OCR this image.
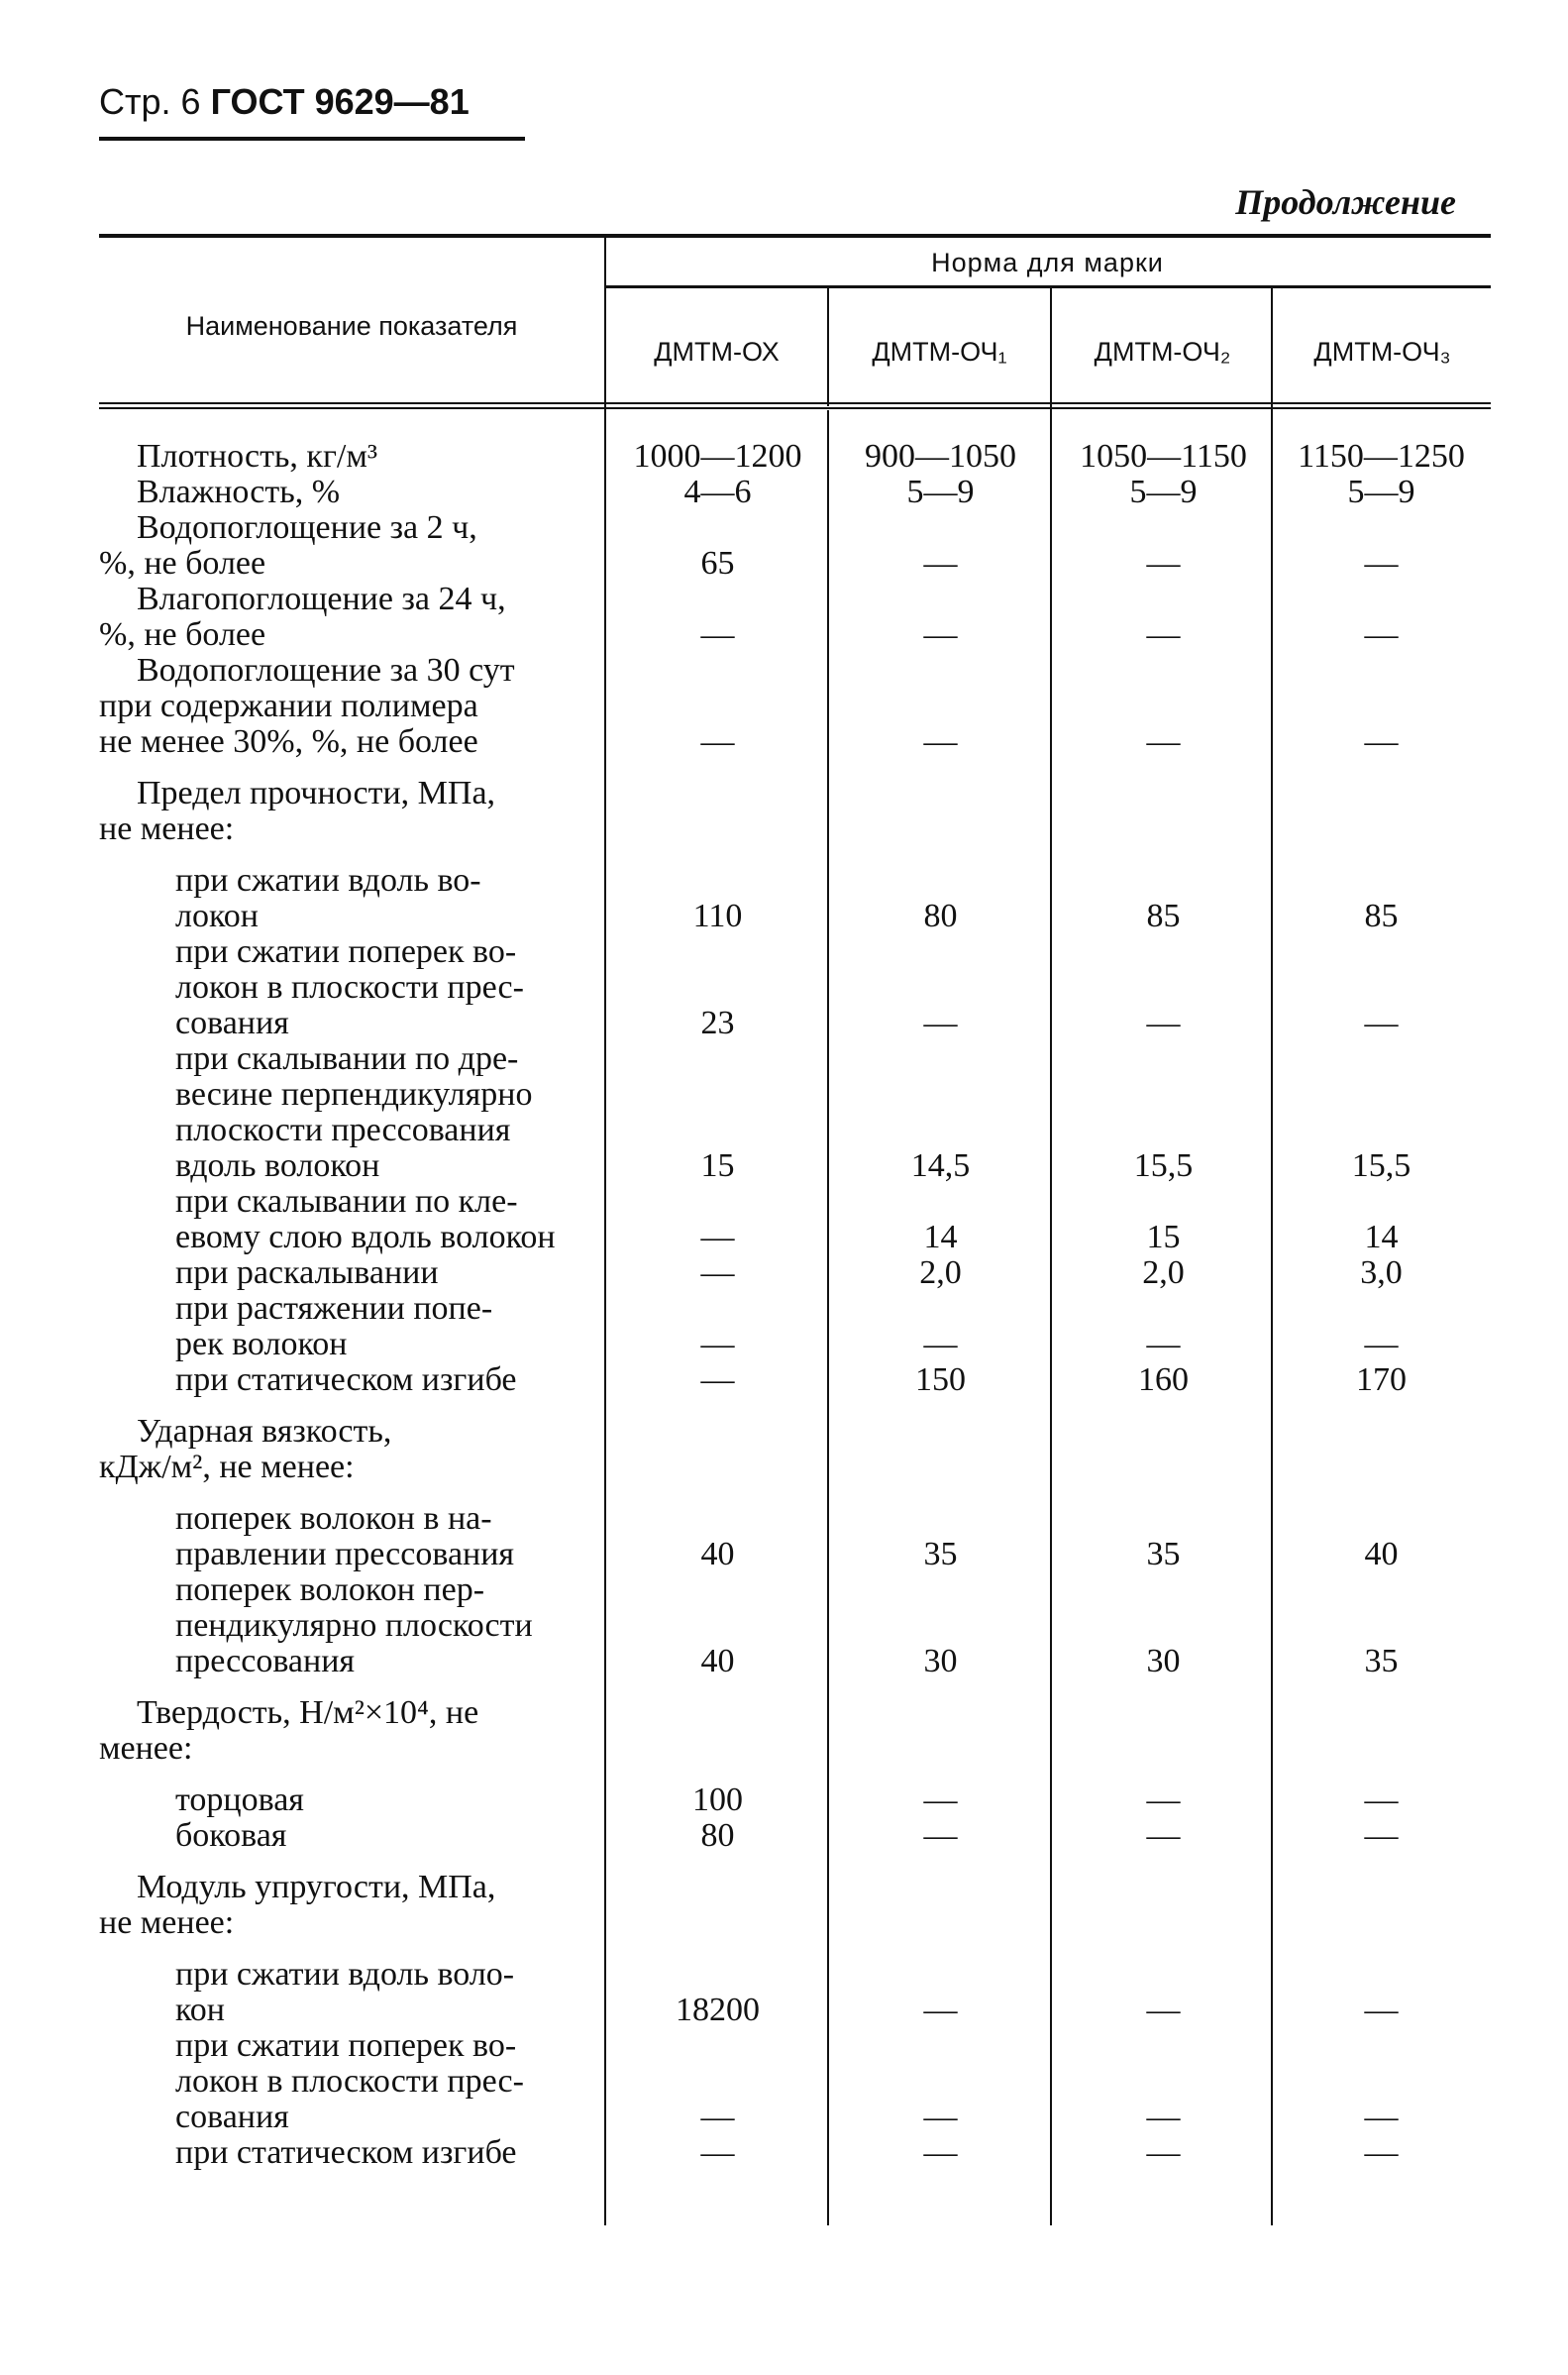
Стр. 6 ГОСТ 9629—81
Продолжение
Наименование показателя
Норма для марки
ДМТМ-ОХ	ДМТМ-ОЧ₁	ДМТМ-ОЧ₂	ДМТМ-ОЧ₃
Плотность, кг/м³	1000—1200	900—1050	1050—1150	1150—1250
Влажность, %	4—6	5—9	5—9	5—9
Водопоглощение за 2 ч,
%, не более	65	—	—	—
Влагопоглощение за 24 ч,
%, не более	—	—	—	—
Водопоглощение за 30 сут
при содержании полимера
не менее 30%, %, не более	—	—	—	—
Предел прочности, МПа,
не менее:
при сжатии вдоль во-
локон	110	80	85	85
при сжатии поперек во-
локон в плоскости прес-
сования	23	—	—	—
при скалывании по дре-
весине перпендикулярно
плоскости прессования
вдоль волокон	15	14,5	15,5	15,5
при скалывании по кле-
евому слою вдоль волокон	—	14	15	14
при раскалывании	—	2,0	2,0	3,0
при растяжении попе-
рек волокон	—	—	—	—
при статическом изгибе	—	150	160	170
Ударная вязкость,
кДж/м², не менее:
поперек волокон в на-
правлении прессования	40	35	35	40
поперек волокон пер-
пендикулярно плоскости
прессования	40	30	30	35
Твердость, Н/м²×10⁴, не
менее:
торцовая	100	—	—	—
боковая	80	—	—	—
Модуль упругости, МПа,
не менее:
при сжатии вдоль воло-
кон	18200	—	—	—
при сжатии поперек во-
локон в плоскости прес-
сования	—	—	—	—
при статическом изгибе	—	—	—	—
